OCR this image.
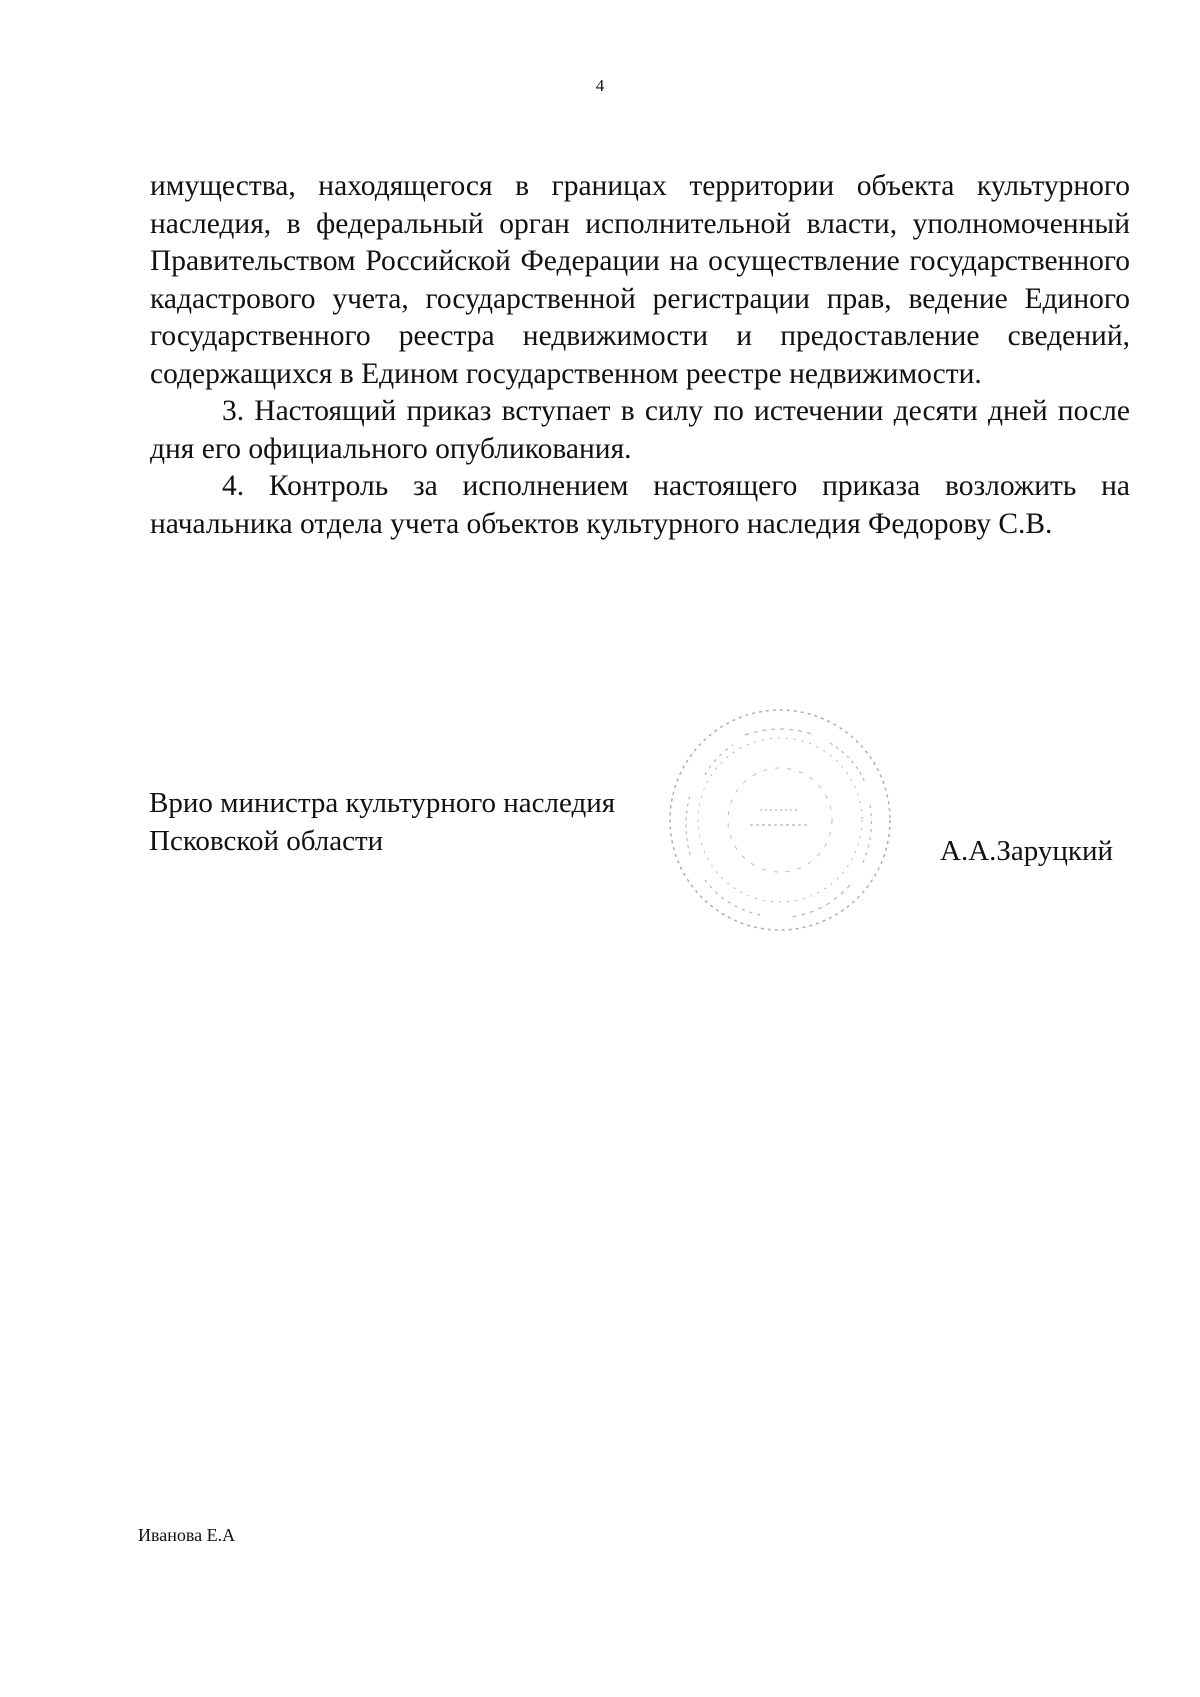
4

имущества, находящегося в границах территории объекта культурного наследия, в федеральный орган исполнительной власти, уполномоченный Правительством Российской Федерации на осуществление государственного кадастрового учета, государственной регистрации прав, ведение Единого государственного реестра недвижимости и предоставление сведений, содержащихся в Едином государственном реестре недвижимости.

3. Настоящий приказ вступает в силу по истечении десяти дней после дня его официального опубликования.

4. Контроль за исполнением настоящего приказа возложить на начальника отдела учета объектов культурного наследия Федорову С.В.

Врио министра культурного наследия
Псковской области	А.А.Заруцкий
Иванова Е.А
